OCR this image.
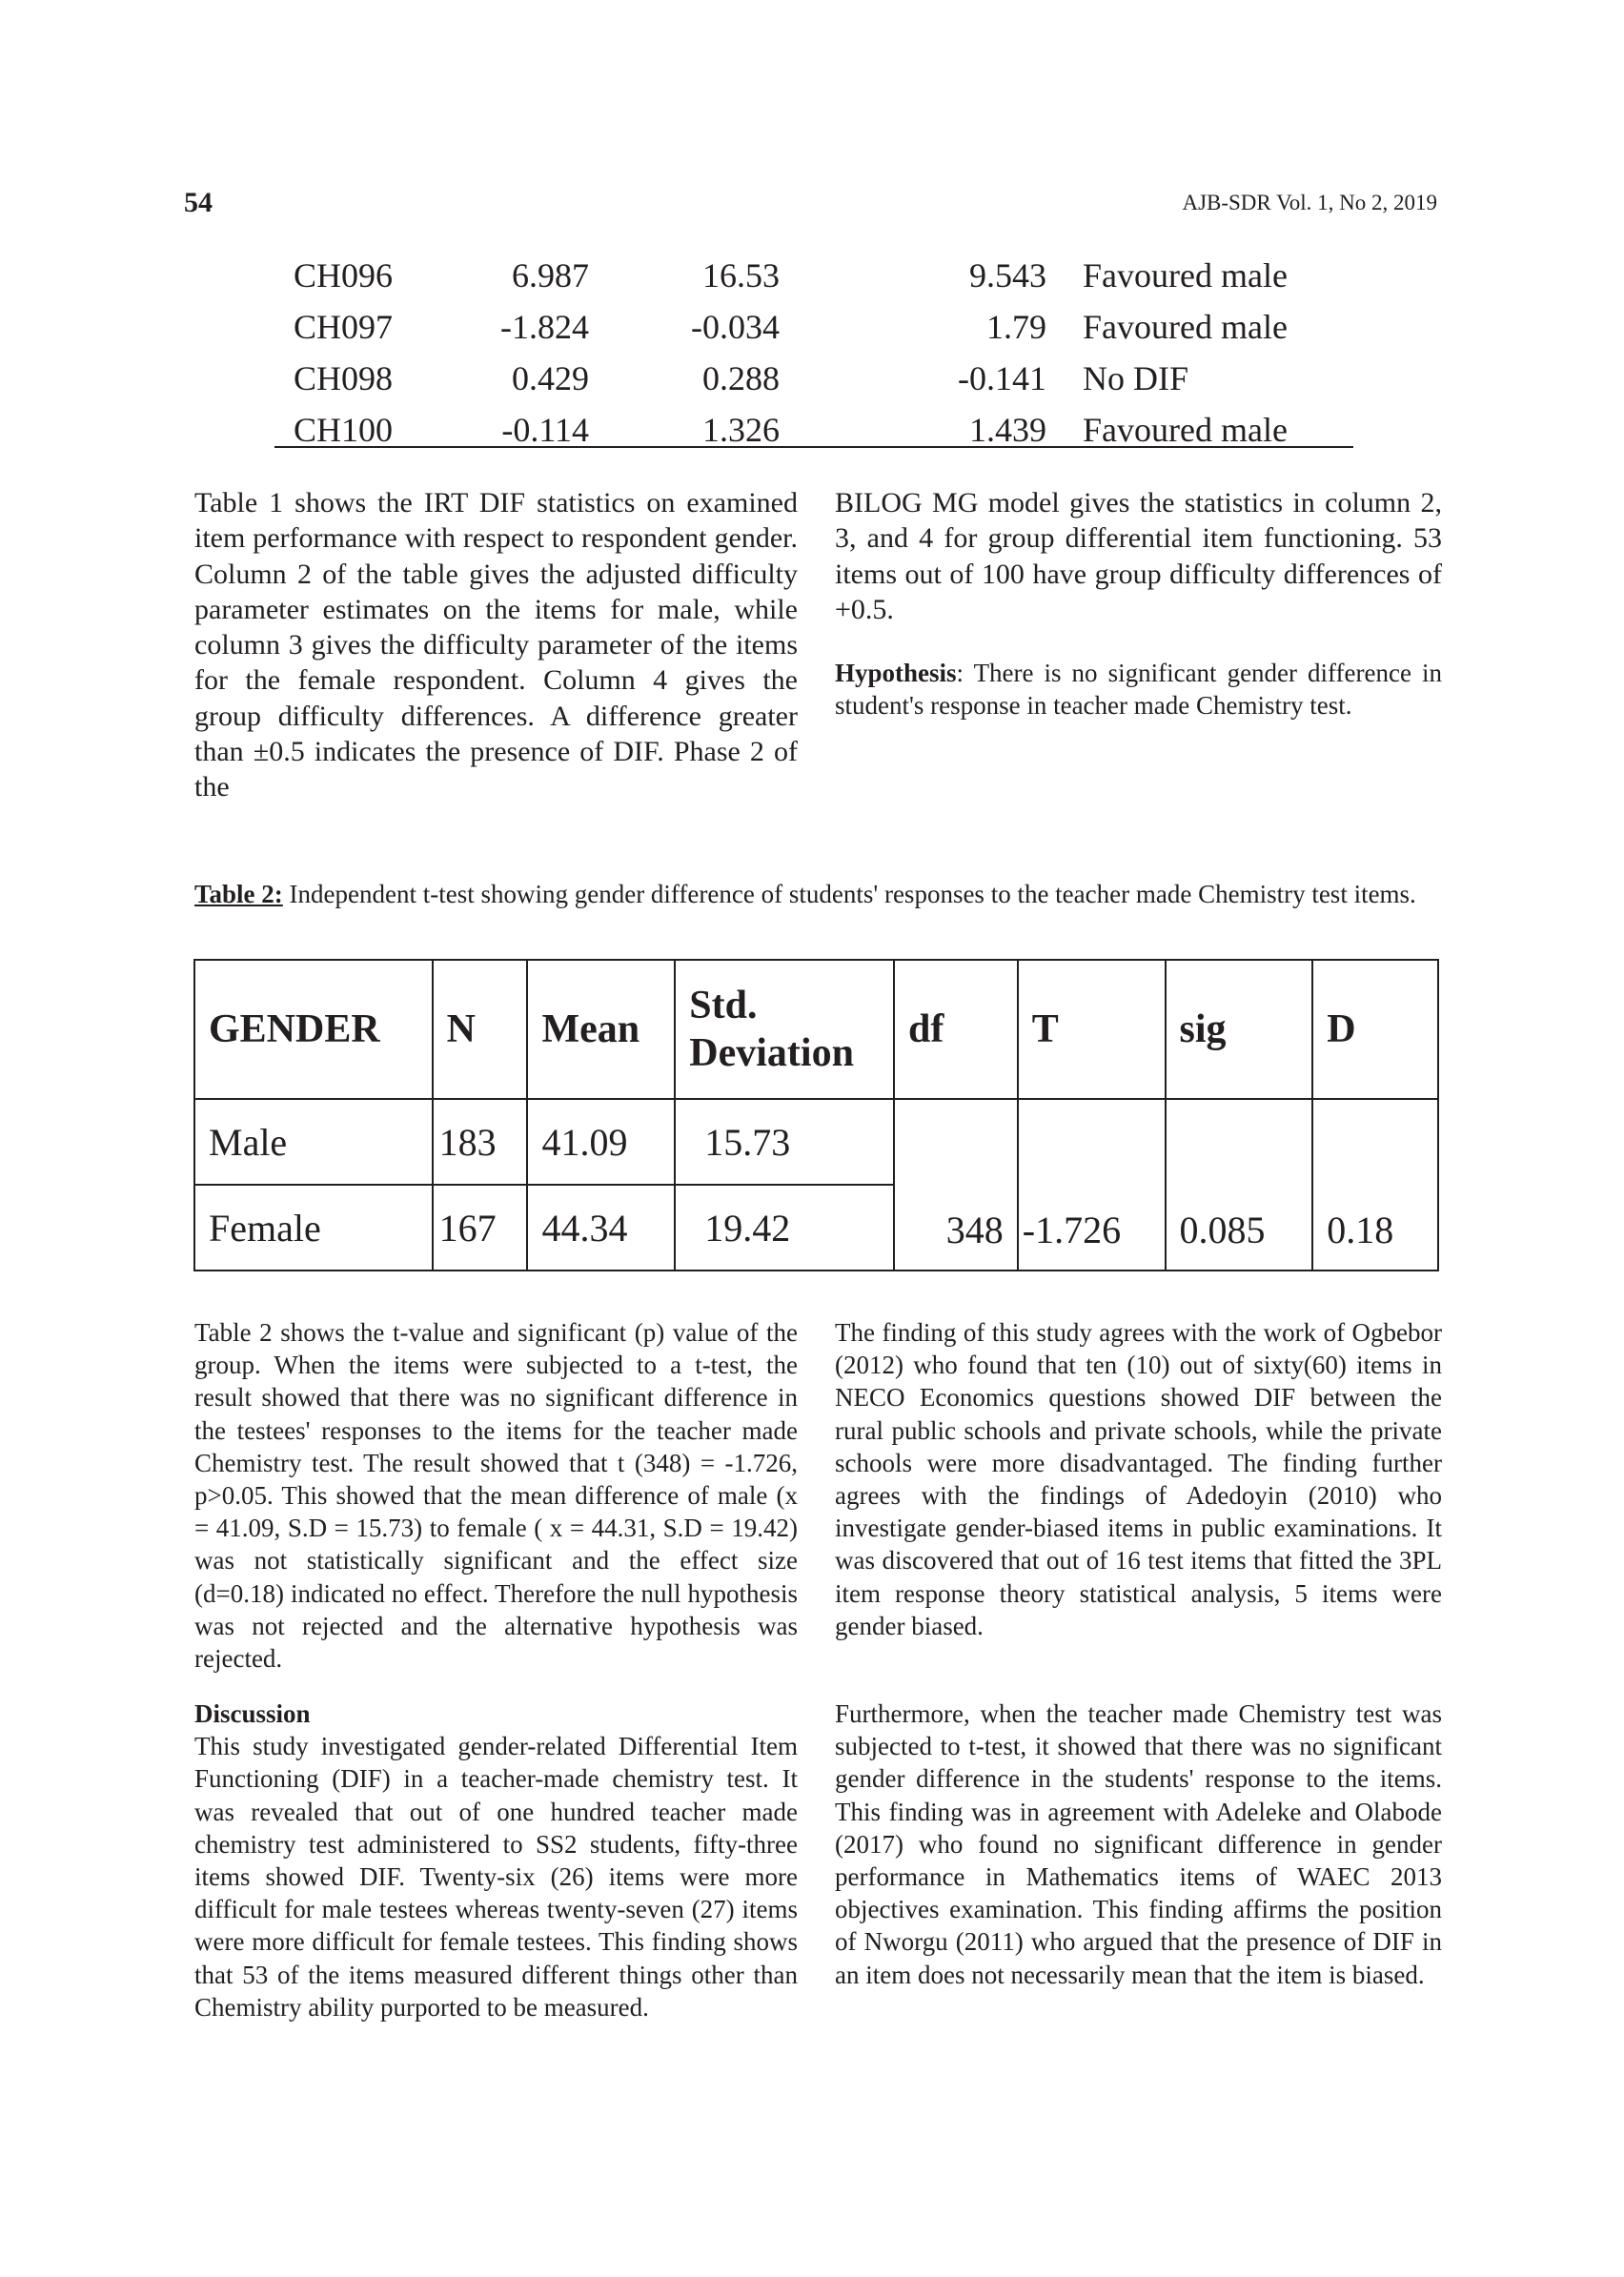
54	AJB-SDR Vol. 1, No 2, 2019
CH096	6.987	16.53	9.543	Favoured male
CH097	-1.824	-0.034	1.79	Favoured male
CH098	0.429	0.288	-0.141	No DIF
CH100	-0.114	1.326	1.439	Favoured male

Table 1 shows the IRT DIF statistics on examined item performance with respect to respondent gender. Column 2 of the table gives the adjusted difficulty parameter estimates on the items for male, while column 3 gives the difficulty parameter of the items for the female respondent. Column 4 gives the group difficulty differences. A difference greater than ±0.5 indicates the presence of DIF. Phase 2 of the

BILOG MG model gives the statistics in column 2, 3, and 4 for group differential item functioning. 53 items out of 100 have group difficulty differences of +0.5.

Hypothesis: There is no significant gender difference in student's response in teacher made Chemistry test.

Table 2: Independent t-test showing gender difference of students' responses to the teacher made Chemistry test items.
GENDER	N	Mean	Std. Deviation	df	T	sig	D
Male	183	41.09	15.73	348	-1.726	0.085	0.18
Female	167	44.34	19.42				

Table 2 shows the t-value and significant (p) value of the group. When the items were subjected to a t-test, the result showed that there was no significant difference in the testees' responses to the items for the teacher made Chemistry test. The result showed that t (348) = -1.726, p>0.05. This showed that the mean difference of male (x = 41.09, S.D = 15.73) to female ( x = 44.31, S.D = 19.42) was not statistically significant and the effect size (d=0.18) indicated no effect. Therefore the null hypothesis was not rejected and the alternative hypothesis was rejected.

The finding of this study agrees with the work of Ogbebor (2012) who found that ten (10) out of sixty(60) items in NECO Economics questions showed DIF between the rural public schools and private schools, while the private schools were more disadvantaged. The finding further agrees with the findings of Adedoyin (2010) who investigate gender-biased items in public examinations. It was discovered that out of 16 test items that fitted the 3PL item response theory statistical analysis, 5 items were gender biased.

Discussion

This study investigated gender-related Differential Item Functioning (DIF) in a teacher-made chemistry test. It was revealed that out of one hundred teacher made chemistry test administered to SS2 students, fifty-three items showed DIF. Twenty-six (26) items were more difficult for male testees whereas twenty-seven (27) items were more difficult for female testees. This finding shows that 53 of the items measured different things other than Chemistry ability purported to be measured.

Furthermore, when the teacher made Chemistry test was subjected to t-test, it showed that there was no significant gender difference in the students' response to the items. This finding was in agreement with Adeleke and Olabode (2017) who found no significant difference in gender performance in Mathematics items of WAEC 2013 objectives examination. This finding affirms the position of Nworgu (2011) who argued that the presence of DIF in an item does not necessarily mean that the item is biased.
